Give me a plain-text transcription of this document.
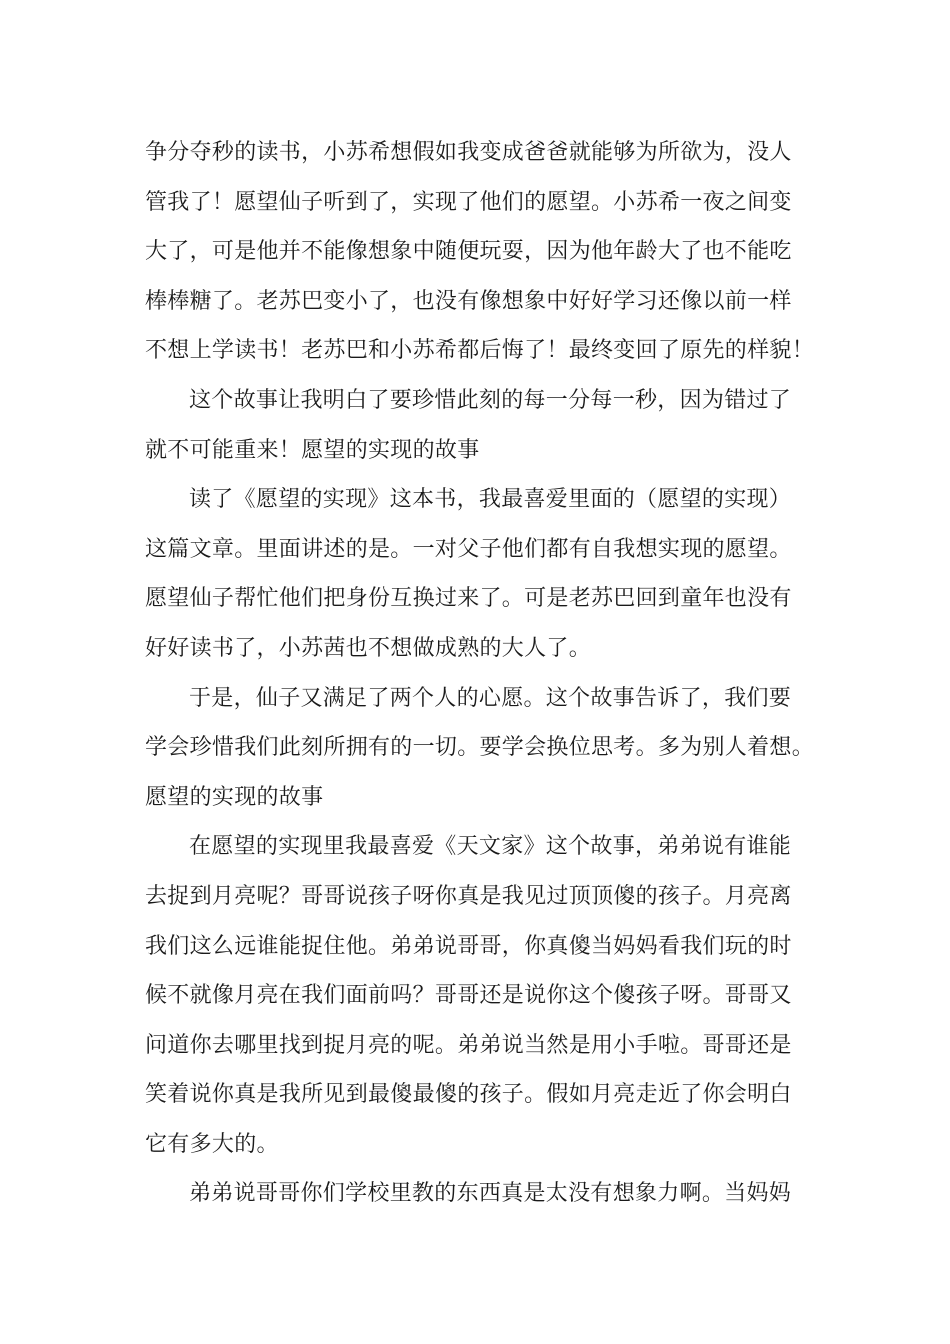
争分夺秒的读书，小苏希想假如我变成爸爸就能够为所欲为，没人
管我了！愿望仙子听到了，实现了他们的愿望。小苏希一夜之间变
大了，可是他并不能像想象中随便玩耍，因为他年龄大了也不能吃
棒棒糖了。老苏巴变小了，也没有像想象中好好学习还像以前一样
不想上学读书！老苏巴和小苏希都后悔了！最终变回了原先的样貌！
这个故事让我明白了要珍惜此刻的每一分每一秒，因为错过了
就不可能重来！愿望的实现的故事
读了《愿望的实现》这本书，我最喜爱里面的（愿望的实现）
这篇文章。里面讲述的是。一对父子他们都有自我想实现的愿望。
愿望仙子帮忙他们把身份互换过来了。可是老苏巴回到童年也没有
好好读书了，小苏茜也不想做成熟的大人了。
于是，仙子又满足了两个人的心愿。这个故事告诉了，我们要
学会珍惜我们此刻所拥有的一切。要学会换位思考。多为别人着想。
愿望的实现的故事
在愿望的实现里我最喜爱《天文家》这个故事，弟弟说有谁能
去捉到月亮呢？哥哥说孩子呀你真是我见过顶顶傻的孩子。月亮离
我们这么远谁能捉住他。弟弟说哥哥，你真傻当妈妈看我们玩的时
候不就像月亮在我们面前吗？哥哥还是说你这个傻孩子呀。哥哥又
问道你去哪里找到捉月亮的呢。弟弟说当然是用小手啦。哥哥还是
笑着说你真是我所见到最傻最傻的孩子。假如月亮走近了你会明白
它有多大的。
弟弟说哥哥你们学校里教的东西真是太没有想象力啊。当妈妈
